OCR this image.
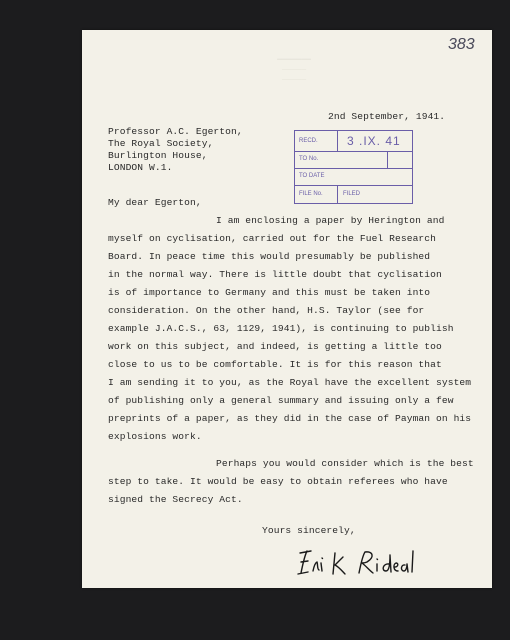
383
━━━━━━━
─────
─────
2nd September, 1941.
Professor A.C. Egerton,
The Royal Society,
Burlington House,
LONDON W.1.
RECD. 3 .IX. 41
TO No.
TO DATE
FILE No.	FILED
My dear Egerton,
I am enclosing a paper by Herington and
myself on cyclisation, carried out for the Fuel Research
Board. In peace time this would presumably be published
in the normal way. There is little doubt that cyclisation
is of importance to Germany and this must be taken into
consideration. On the other hand, H.S. Taylor (see for
example J.A.C.S., 63, 1129, 1941), is continuing to publish
work on this subject, and indeed, is getting a little too
close to us to be comfortable. It is for this reason that
I am sending it to you, as the Royal have the excellent system
of publishing only a general summary and issuing only a few
preprints of a paper, as they did in the case of Payman on his
explosions work.
Perhaps you would consider which is the best
step to take. It would be easy to obtain referees who have
signed the Secrecy Act.
Yours sincerely,
